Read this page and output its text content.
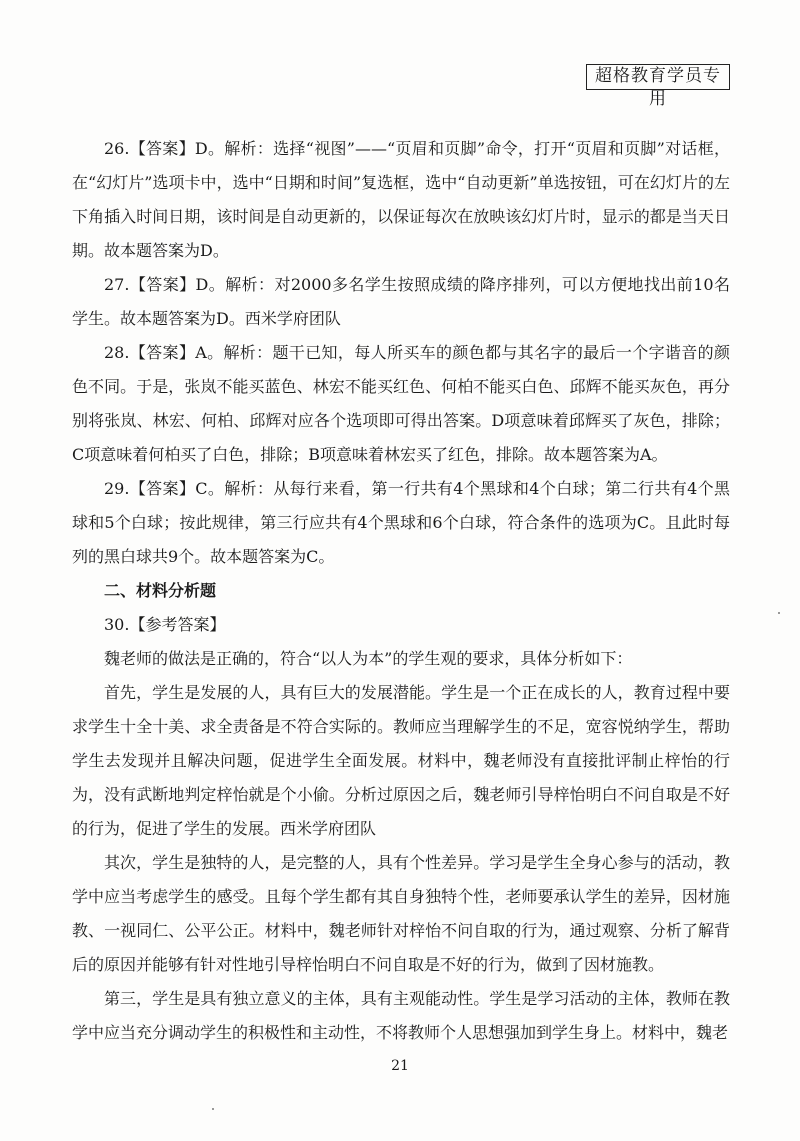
超格教育学员专用

26.【答案】D。解析：选择“视图”——“页眉和页脚”命令，打开“页眉和页脚”对话框，在“幻灯片”选项卡中，选中“日期和时间”复选框，选中“自动更新”单选按钮，可在幻灯片的左下角插入时间日期，该时间是自动更新的，以保证每次在放映该幻灯片时，显示的都是当天日期。故本题答案为D。

27.【答案】D。解析：对2000多名学生按照成绩的降序排列，可以方便地找出前10名学生。故本题答案为D。西米学府团队

28.【答案】A。解析：题干已知，每人所买车的颜色都与其名字的最后一个字谐音的颜色不同。于是，张岚不能买蓝色、林宏不能买红色、何柏不能买白色、邱辉不能买灰色，再分别将张岚、林宏、何柏、邱辉对应各个选项即可得出答案。D项意味着邱辉买了灰色，排除；C项意味着何柏买了白色，排除；B项意味着林宏买了红色，排除。故本题答案为A。

29.【答案】C。解析：从每行来看，第一行共有4个黑球和4个白球；第二行共有4个黑球和5个白球；按此规律，第三行应共有4个黑球和6个白球，符合条件的选项为C。且此时每列的黑白球共9个。故本题答案为C。

二、材料分析题

30.【参考答案】

魏老师的做法是正确的，符合“以人为本”的学生观的要求，具体分析如下：

首先，学生是发展的人，具有巨大的发展潜能。学生是一个正在成长的人，教育过程中要求学生十全十美、求全责备是不符合实际的。教师应当理解学生的不足，宽容悦纳学生，帮助学生去发现并且解决问题，促进学生全面发展。材料中，魏老师没有直接批评制止梓怡的行为，没有武断地判定梓怡就是个小偷。分析过原因之后，魏老师引导梓怡明白不问自取是不好的行为，促进了学生的发展。西米学府团队

其次，学生是独特的人，是完整的人，具有个性差异。学习是学生全身心参与的活动，教学中应当考虑学生的感受。且每个学生都有其自身独特个性，老师要承认学生的差异，因材施教、一视同仁、公平公正。材料中，魏老师针对梓怡不问自取的行为，通过观察、分析了解背后的原因并能够有针对性地引导梓怡明白不问自取是不好的行为，做到了因材施教。

第三，学生是具有独立意义的主体，具有主观能动性。学生是学习活动的主体，教师在教学中应当充分调动学生的积极性和主动性，不将教师个人思想强加到学生身上。材料中，魏老

21
